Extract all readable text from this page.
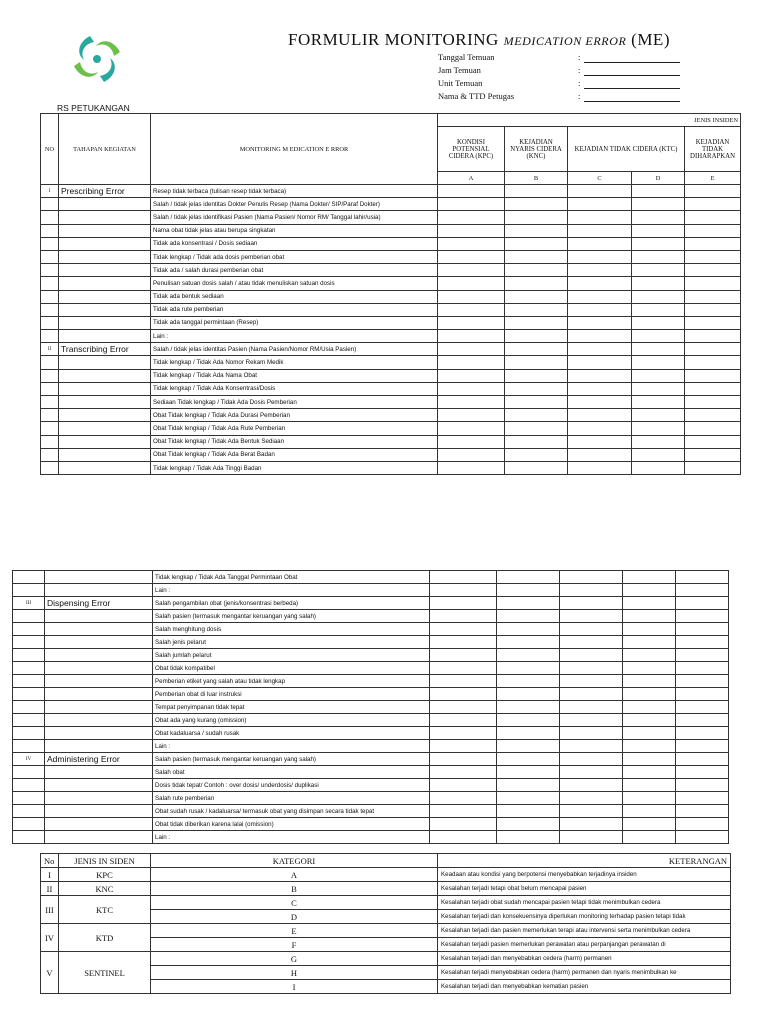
FORMULIR MONITORING MEDICATION ERROR (ME)
Tanggal Temuan	:
Jam Temuan	:
Unit Temuan	:
Nama & TTD Petugas	:
RS PETUKANGAN
NO	TAHAPAN KEGIATAN	MONITORING M EDICATION E RROR	JENIS INSIDEN				
			KONDISI POTENSIAL CIDERA (KPC)	KEJADIAN NYARIS CIDERA (KNC)	KEJADIAN TIDAK CIDERA (KTC)		KEJADIAN TIDAK DIHARAPKAN
			A	B	C	D	E
I	Prescribing Error	Resep tidak terbaca (tulisan resep tidak terbaca)					
		Salah / tidak jelas identitas Dokter Penulis Resep (Nama Dokter/ SIP/Paraf Dokter)					
		Salah / tidak jelas identifikasi Pasien (Nama Pasien/ Nomor RM/ Tanggal lahir/usia)					
		Nama obat tidak jelas atau berupa singkatan					
		Tidak ada konsentrasi / Dosis sediaan					
		Tidak lengkap / Tidak ada dosis pemberian obat					
		Tidak ada / salah durasi pemberian obat					
		Penulisan satuan dosis salah / atau tidak menuliskan satuan dosis					
		Tidak ada bentuk sediaan					
		Tidak ada rute pemberian					
		Tidak ada tanggal permintaan (Resep)					
		Lain :					
II	Transcribing Error	Salah / tidak jelas identitas Pasien (Nama Pasien/Nomor RM/Usia Pasien)					
		Tidak lengkap / Tidak Ada Nomor Rekam Medik					
		Tidak lengkap / Tidak Ada Nama Obat					
		Tidak lengkap / Tidak Ada Konsentrasi/Dosis					
		Sediaan Tidak lengkap / Tidak Ada Dosis Pemberian					
		Obat Tidak lengkap / Tidak Ada Durasi Pemberian					
		Obat Tidak lengkap / Tidak Ada Rute Pemberian					
		Obat Tidak lengkap / Tidak Ada Bentuk Sediaan					
		Obat Tidak lengkap / Tidak Ada Berat Badan					
		Tidak lengkap / Tidak Ada Tinggi Badan					
		Tidak lengkap / Tidak Ada Tanggal Permintaan Obat					
		Lain :					
III	Dispensing Error	Salah pengambilan obat (jenis/konsentrasi berbeda)					
		Salah pasien (termasuk mengantar keruangan yang salah)					
		Salah menghitung dosis					
		Salah jenis pelarut					
		Salah jumlah pelarut					
		Obat tidak kompatibel					
		Pemberian etiket yang salah atau tidak lengkap					
		Pemberian obat di luar instruksi					
		Tempat penyimpanan tidak tepat					
		Obat ada yang kurang (omission)					
		Obat kadaluarsa / sudah rusak					
		Lain :					
IV	Administering Error	Salah pasien (termasuk mengantar keruangan yang salah)					
		Salah obat					
		Dosis tidak tepat/ Contoh : over dosis/ underdosis/ duplikasi					
		Salah rute pemberian					
		Obat sudah rusak / kadaluarsa/ termasuk obat yang disimpan secara tidak tepat					
		Obat tidak diberikan karena lalai (omission)					
		Lain :					
No	JENIS IN SIDEN	KATEGORI	KETERANGAN
I	KPC	A	Keadaan atau kondisi yang berpotensi menyebabkan terjadinya insiden
II	KNC	B	Kesalahan terjadi tetapi obat belum mencapai pasien
III	KTC	C	Kesalahan terjadi obat sudah mencapai pasien tetapi tidak menimbulkan cedera
		D	Kesalahan terjadi dan konsekuensinya diperlukan monitoring terhadap pasien tetapi tidak
IV	KTD	E	Kesalahan terjadi dan pasien memerlukan terapi atau intervensi serta menimbulkan cedera
		F	Kesalahan terjadi pasien memerlukan perawatan atau perpanjangan perawatan di
V	SENTINEL	G	Kesalahan terjadi dan menyebabkan cedera (harm) permanen
		H	Kesalahan terjadi menyebabkan cedera (harm) permanen dan nyaris menimbulkan ke
		I	Kesalahan terjadi dan menyebabkan kematian pasien
